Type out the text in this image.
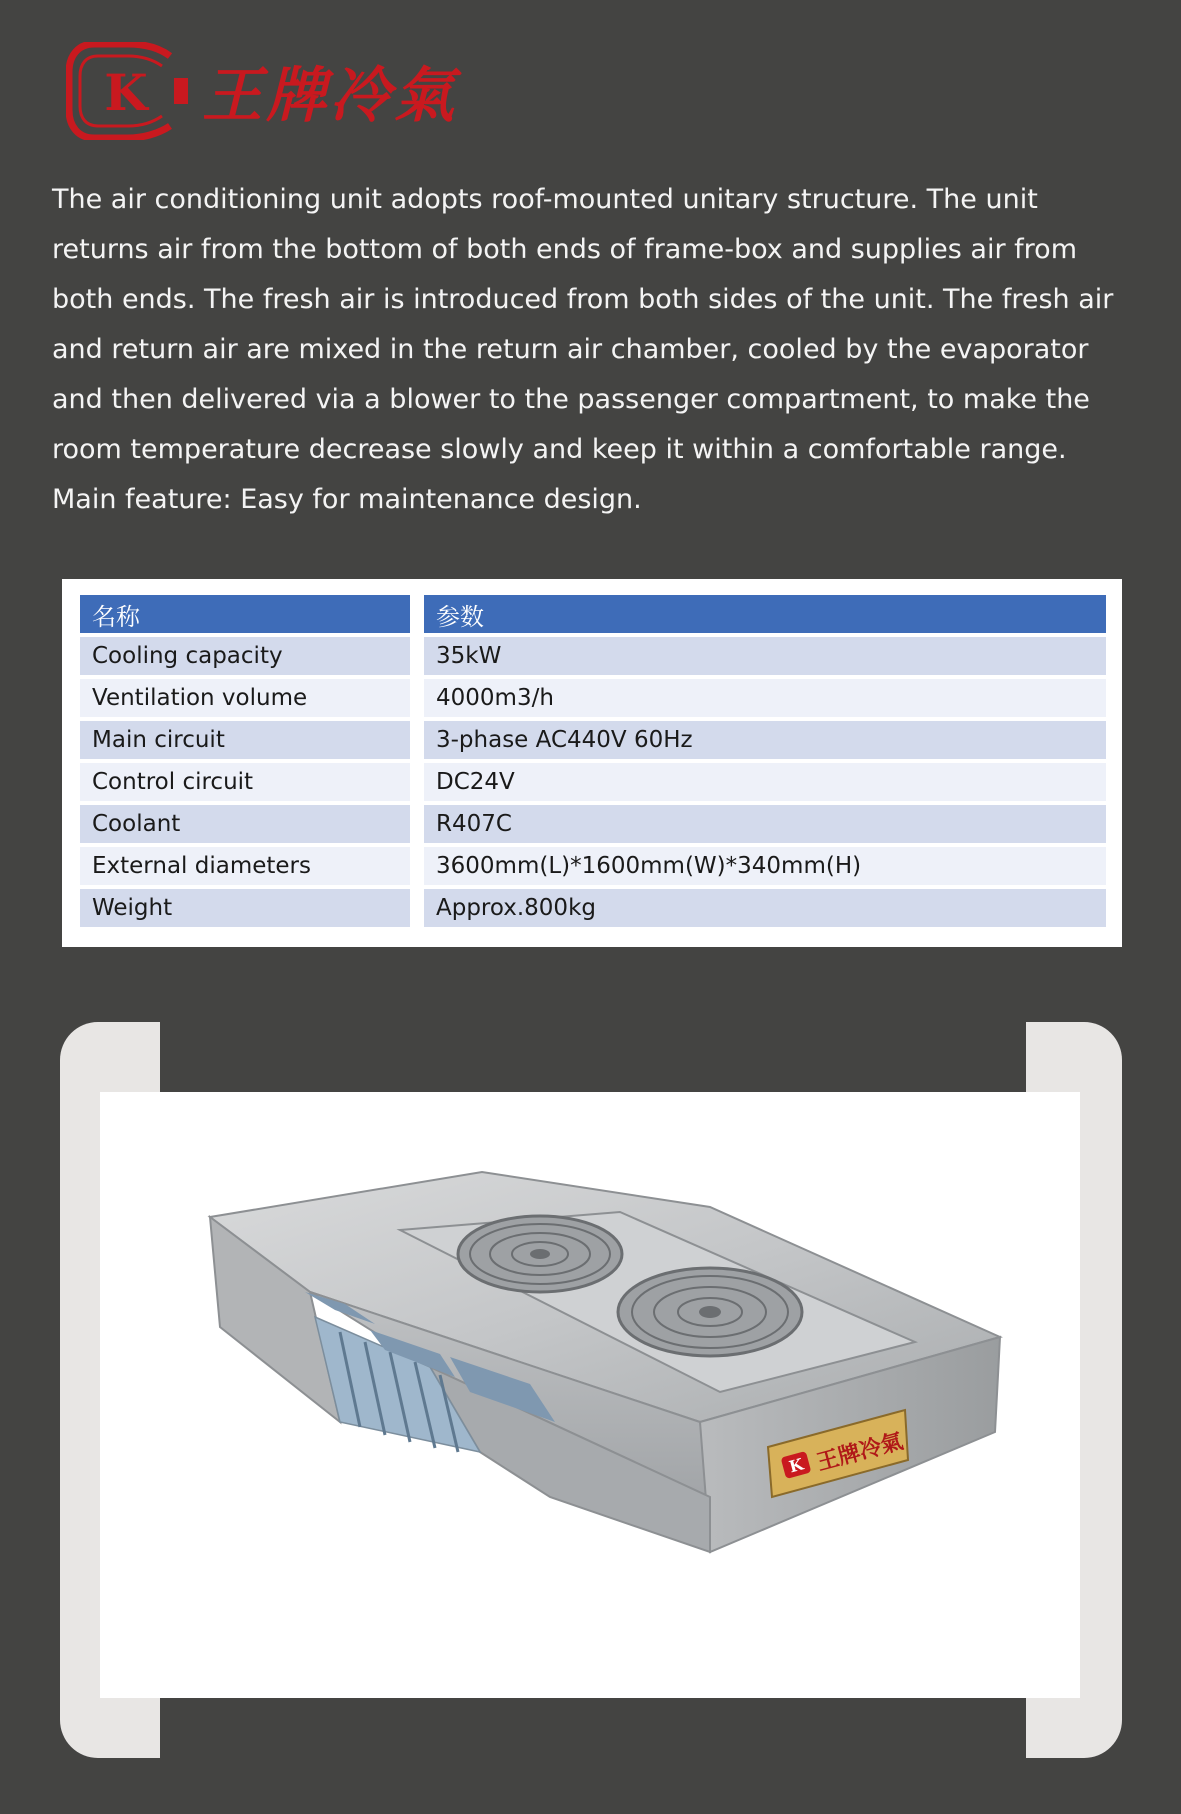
K 王牌冷氣

The air conditioning unit adopts roof-mounted unitary structure. The unit returns air from the bottom of both ends of frame-box and supplies air from both ends. The fresh air is introduced from both sides of the unit. The fresh air and return air are mixed in the return air chamber, cooled by the evaporator and then delivered via a blower to the passenger compartment, to make the room temperature decrease slowly and keep it within a comfortable range.

Main feature: Easy for maintenance design.

名称		参数
Cooling capacity		35kW
Ventilation volume		4000m3/h
Main circuit		3-phase AC440V 60Hz
Control circuit		DC24V
Coolant		R407C
External diameters		3600mm(L)*1600mm(W)*340mm(H)
Weight		Approx.800kg
K 王牌冷氣
